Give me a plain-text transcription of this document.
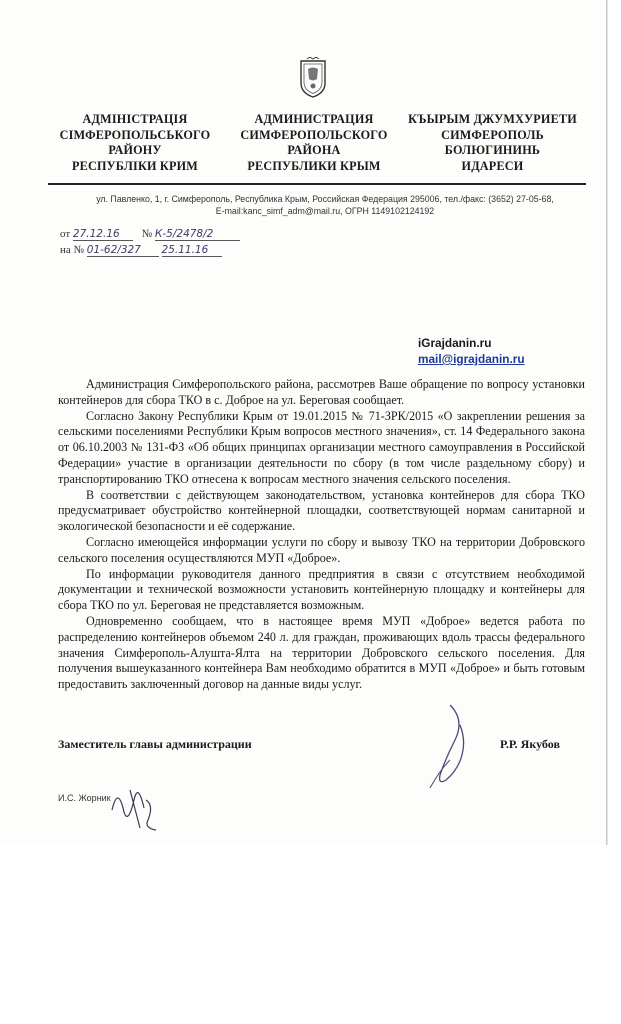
АДМІНІСТРАЦІЯ
СІМФЕРОПОЛЬСЬКОГО
РАЙОНУ
РЕСПУБЛІКИ КРИМ
АДМИНИСТРАЦИЯ
СИМФЕРОПОЛЬСКОГО
РАЙОНА
РЕСПУБЛИКИ КРЫМ
КЪЫРЫМ ДЖУМХУРИЕТИ
СИМФЕРОПОЛЬ
БОЛЮГИНИНЬ
ИДАРЕСИ
ул. Павленко, 1, г. Симферополь, Республика Крым, Российская Федерация 295006, тел./факс: (3652) 27-05-68,
E-mail:kanc_simf_adm@mail.ru, ОГРН 1149102124192
от 27.12.16 № К-5/2478/2
на № 01-62/327 25.11.16
iGrajdanin.ru
mail@igrajdanin.ru

Администрация Симферопольского района, рассмотрев Ваше обращение по вопросу установки контейнеров для сбора ТКО в с. Доброе на ул. Береговая сообщает.

Согласно Закону Республики Крым от 19.01.2015 № 71-ЗРК/2015 «О закреплении решения за сельскими поселениями Республики Крым вопросов местного значения», ст. 14 Федерального закона от 06.10.2003 № 131-ФЗ «Об общих принципах организации местного самоуправления в Российской Федерации» участие в организации деятельности по сбору (в том числе раздельному сбору) и транспортированию ТКО отнесена к вопросам местного значения сельского поселения.

В соответствии с действующем законодательством, установка контейнеров для сбора ТКО предусматривает обустройство контейнерной площадки, соответствующей нормам санитарной и экологической безопасности и её содержание.

Согласно имеющейся информации услуги по сбору и вывозу ТКО на территории Добровского сельского поселения осуществляются МУП «Доброе».

По информации руководителя данного предприятия в связи с отсутствием необходимой документации и технической возможности установить контейнерную площадку и контейнеры для сбора ТКО по ул. Береговая не представляется возможным.

Одновременно сообщаем, что в настоящее время МУП «Доброе» ведется работа по распределению контейнеров объемом 240 л. для граждан, проживающих вдоль трассы федерального значения Симферополь-Алушта-Ялта на территории Добровского сельского поселения. Для получения вышеуказанного контейнера Вам необходимо обратится в МУП «Доброе» и быть готовым предоставить заключенный договор на данные виды услуг.

Заместитель главы администрации	Р.Р. Якубов
И.С. Жорник
